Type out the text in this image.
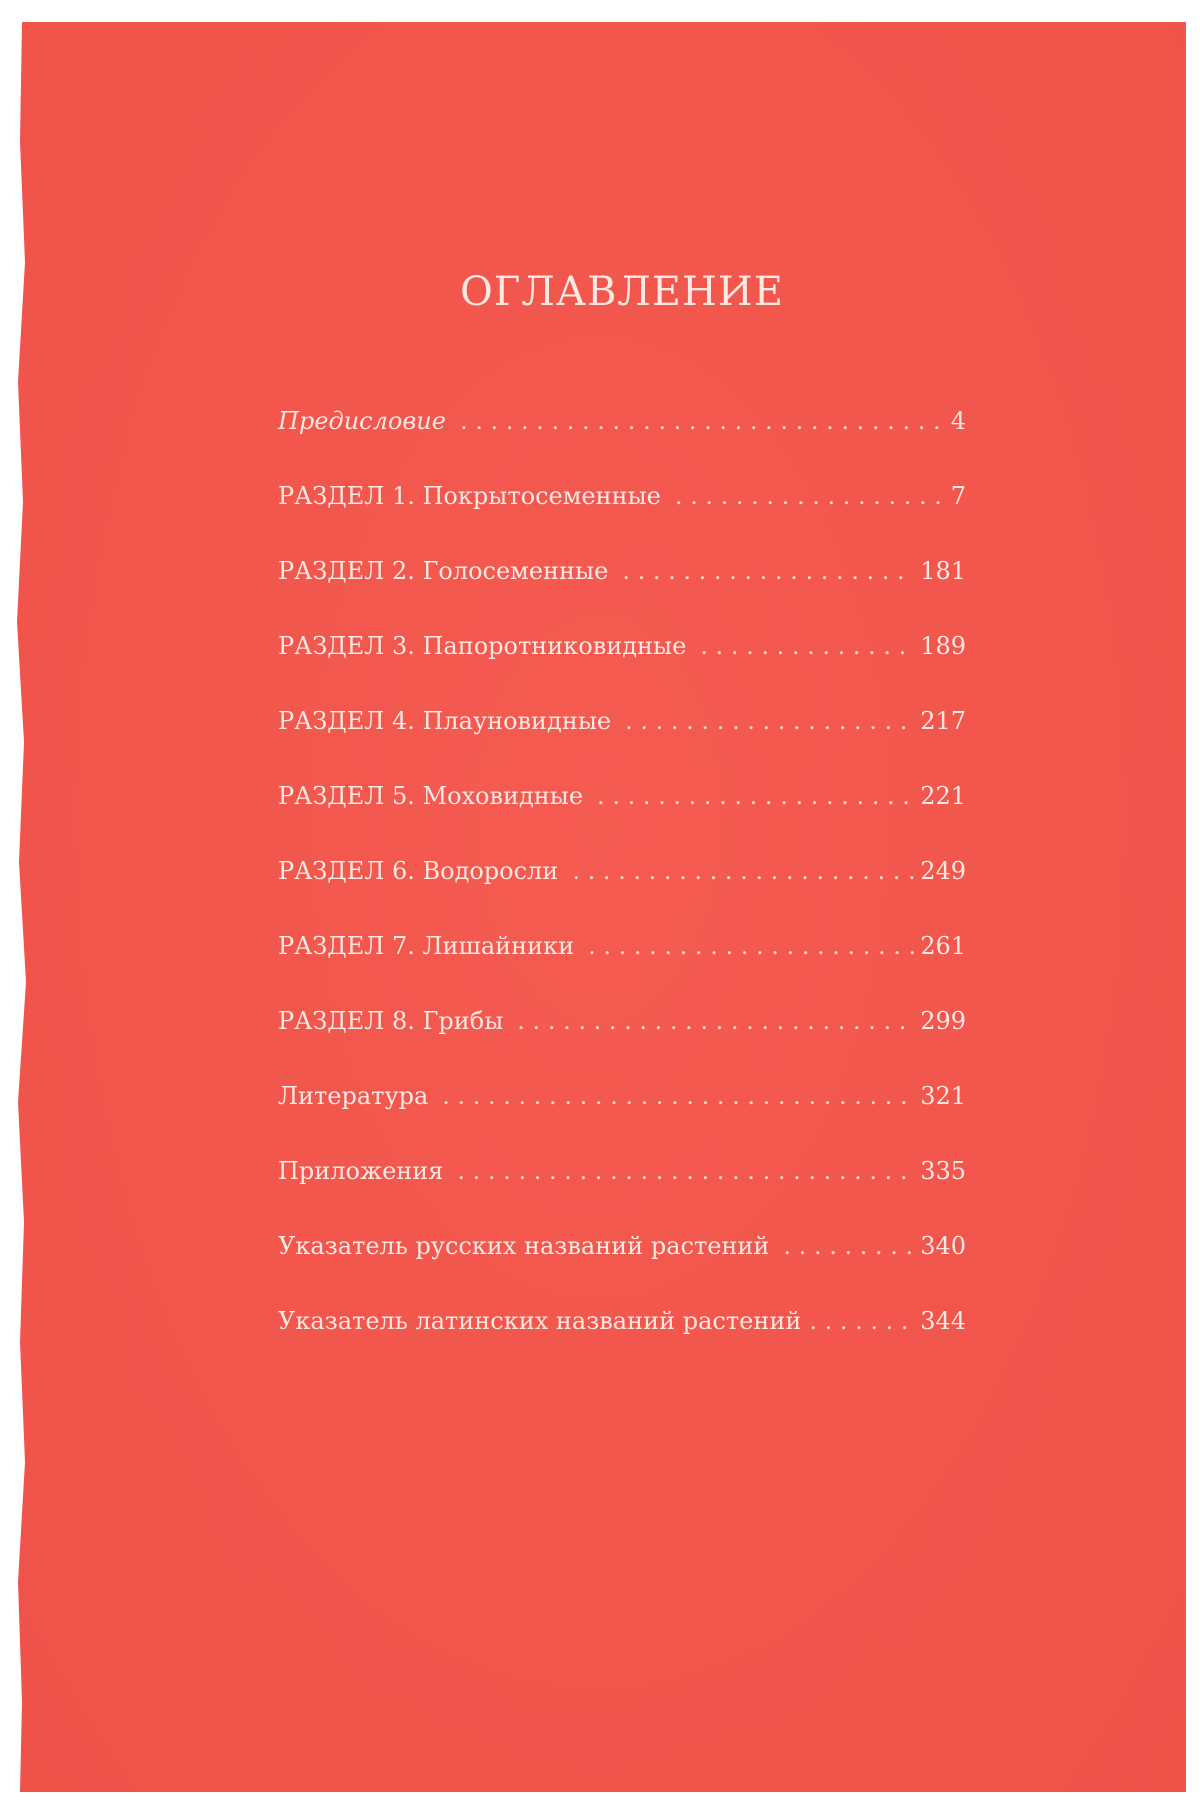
ОГЛАВЛЕНИЕ
Предисловие . . .	4
РАЗДЕЛ 1. Покрытосеменные . . .	7
РАЗДЕЛ 2. Голосеменные . . .	181
РАЗДЕЛ 3. Папоротниковидные . . .	189
РАЗДЕЛ 4. Плауновидные . . .	217
РАЗДЕЛ 5. Моховидные . . .	221
РАЗДЕЛ 6. Водоросли . . .	249
РАЗДЕЛ 7. Лишайники . . .	261
РАЗДЕЛ 8. Грибы . . .	299
Литература . . .	321
Приложения . . .	335
Указатель русских названий растений . . .	340
Указатель латинских названий растений . . .	344
